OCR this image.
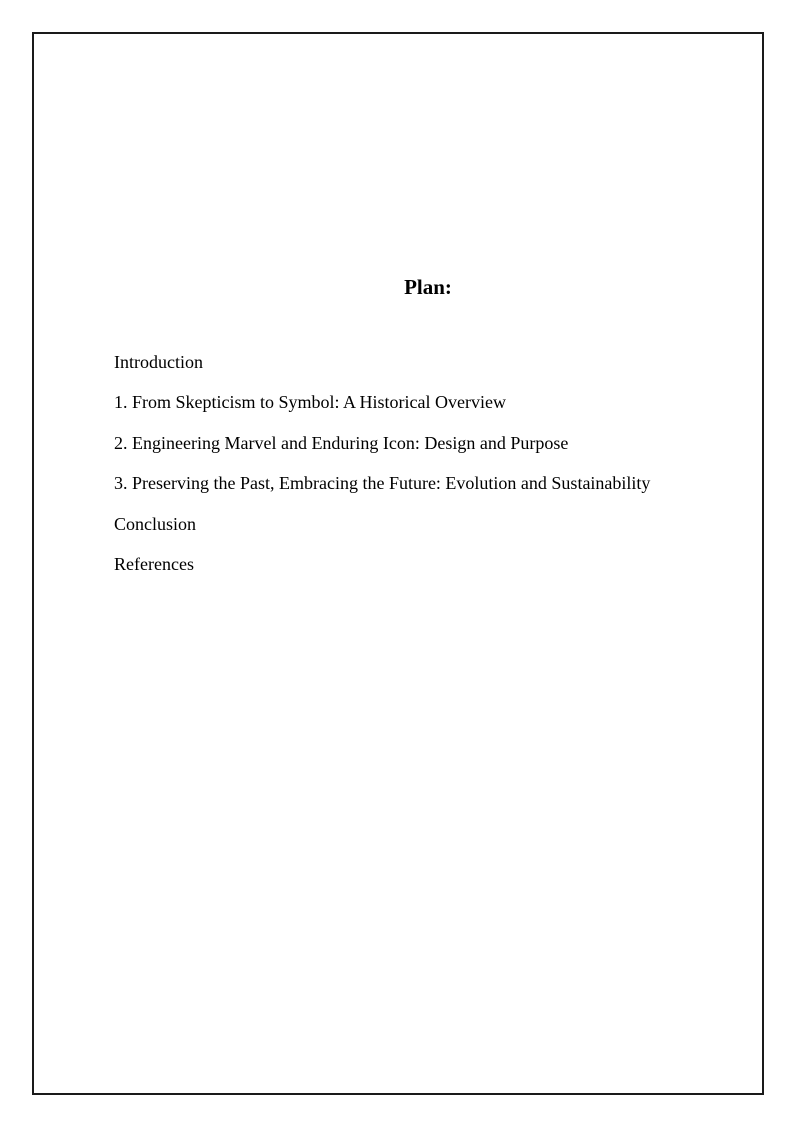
Plan:
Introduction
1. From Skepticism to Symbol: A Historical Overview
2. Engineering Marvel and Enduring Icon: Design and Purpose
3. Preserving the Past, Embracing the Future: Evolution and Sustainability
Conclusion
References
